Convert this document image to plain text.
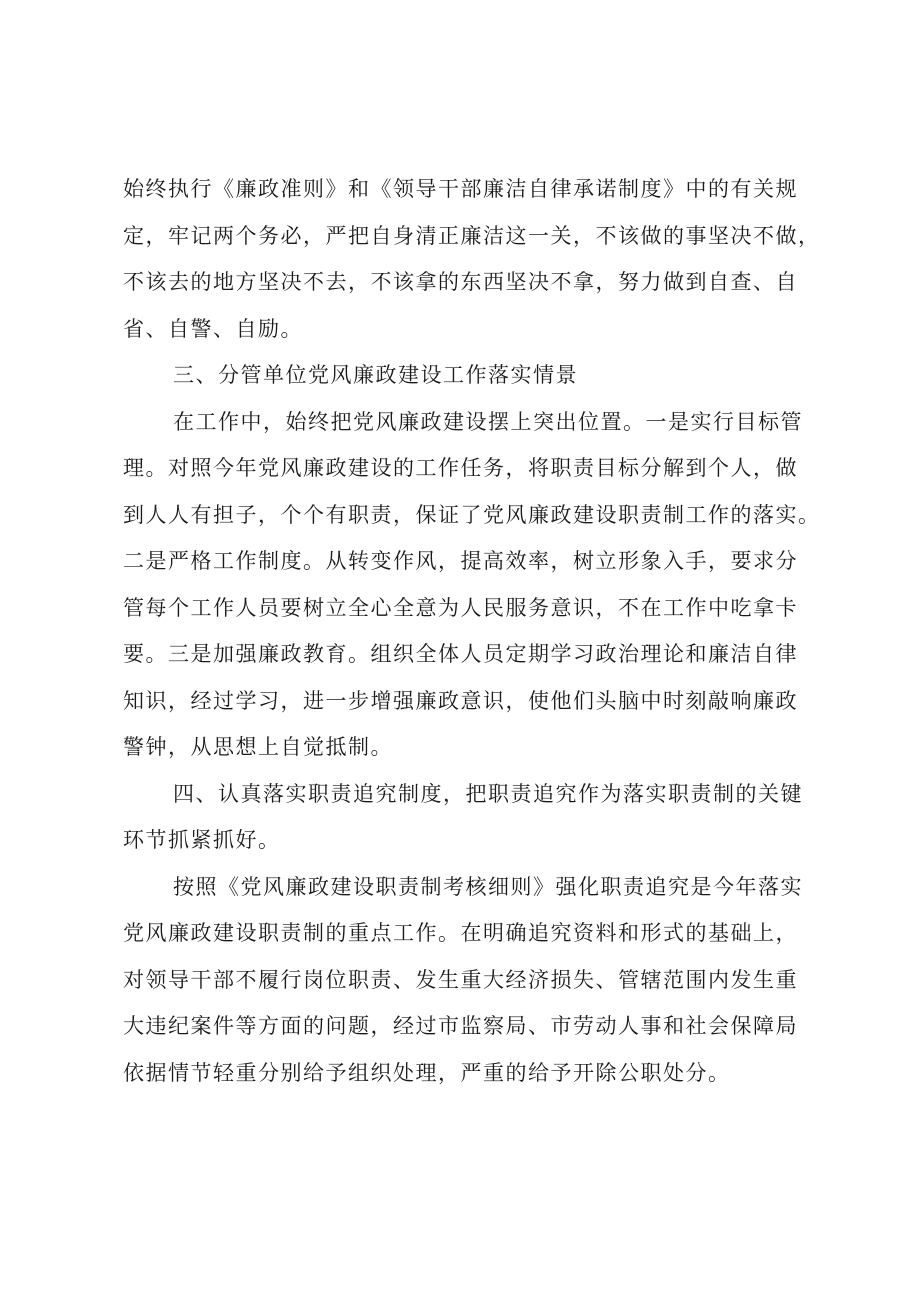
始终执行《廉政准则》和《领导干部廉洁自律承诺制度》中的有关规
定，牢记两个务必，严把自身清正廉洁这一关，不该做的事坚决不做，
不该去的地方坚决不去，不该拿的东西坚决不拿，努力做到自查、自
省、自警、自励。
三、分管单位党风廉政建设工作落实情景
在工作中，始终把党风廉政建设摆上突出位置。一是实行目标管
理。对照今年党风廉政建设的工作任务，将职责目标分解到个人，做
到人人有担子，个个有职责，保证了党风廉政建设职责制工作的落实。
二是严格工作制度。从转变作风，提高效率，树立形象入手，要求分
管每个工作人员要树立全心全意为人民服务意识，不在工作中吃拿卡
要。三是加强廉政教育。组织全体人员定期学习政治理论和廉洁自律
知识，经过学习，进一步增强廉政意识，使他们头脑中时刻敲响廉政
警钟，从思想上自觉抵制。
四、认真落实职责追究制度，把职责追究作为落实职责制的关键
环节抓紧抓好。
按照《党风廉政建设职责制考核细则》强化职责追究是今年落实
党风廉政建设职责制的重点工作。在明确追究资料和形式的基础上，
对领导干部不履行岗位职责、发生重大经济损失、管辖范围内发生重
大违纪案件等方面的问题，经过市监察局、市劳动人事和社会保障局
依据情节轻重分别给予组织处理，严重的给予开除公职处分。
